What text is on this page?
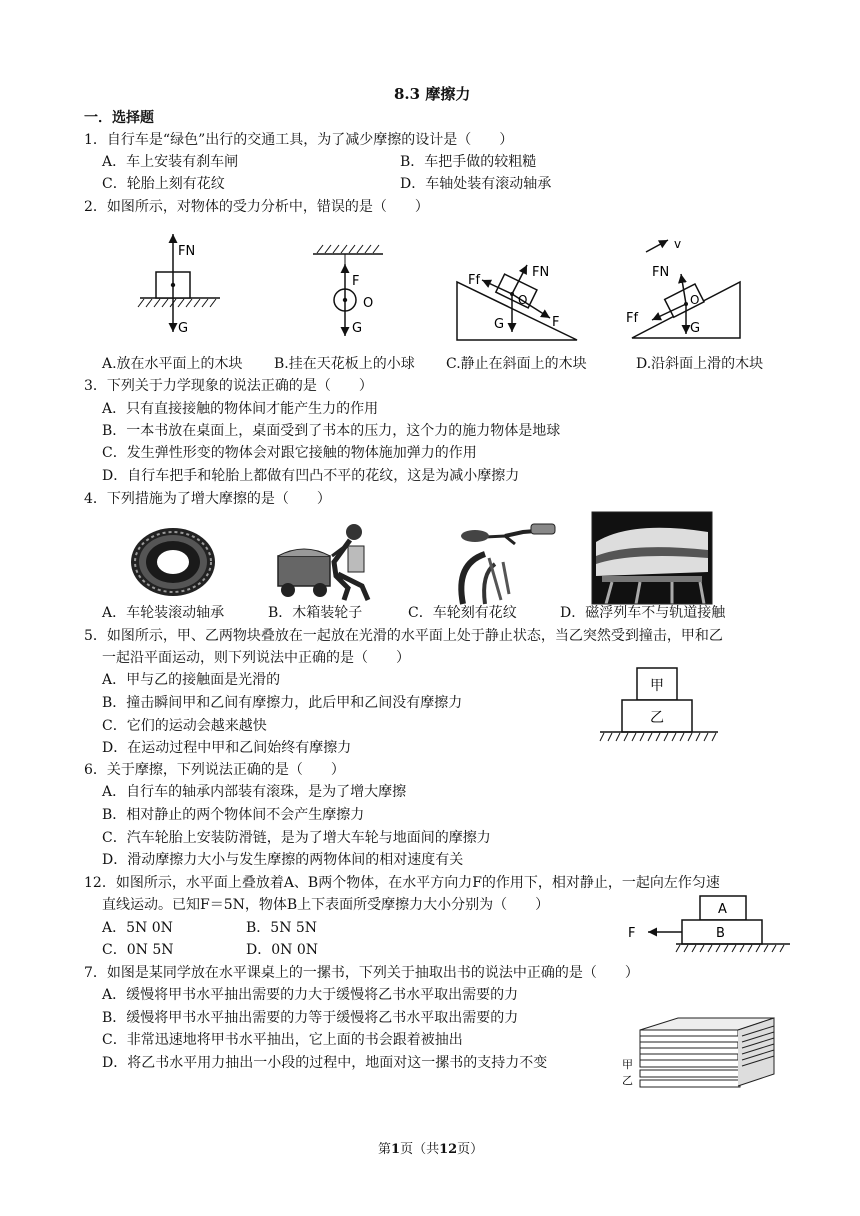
8.3 摩擦力
一．选择题
1．自行车是“绿色”出行的交通工具，为了减少摩擦的设计是（　　）
A．车上安装有刹车闸	B．车把手做的较粗糙
C．轮胎上刻有花纹	D．车轴处装有滚动轴承
2．如图所示，对物体的受力分析中，错误的是（　　）
FN
G
F
O
G
Ff
FN
O
G	F
v
FN
O
Ff
G
A.放在水平面上的木块 B.挂在天花板上的小球 C.静止在斜面上的木块	D.沿斜面上滑的木块
3．下列关于力学现象的说法正确的是（　　）
A．只有直接接触的物体间才能产生力的作用
B．一本书放在桌面上，桌面受到了书本的压力，这个力的施力物体是地球
C．发生弹性形变的物体会对跟它接触的物体施加弹力的作用
D．自行车把手和轮胎上都做有凹凸不平的花纹，这是为减小摩擦力
4．下列措施为了增大摩擦的是（　　）
A．车轮装滚动轴承	B．木箱装轮子	C．车轮刻有花纹	D．磁浮列车不与轨道接触
5．如图所示，甲、乙两物块叠放在一起放在光滑的水平面上处于静止状态，当乙突然受到撞击，甲和乙
一起沿平面运动，则下列说法中正确的是（　　）
A．甲与乙的接触面是光滑的
B．撞击瞬间甲和乙间有摩擦力，此后甲和乙间没有摩擦力
C．它们的运动会越来越快
D．在运动过程中甲和乙间始终有摩擦力
甲
乙
6．关于摩擦，下列说法正确的是（　　）
A．自行车的轴承内部装有滚珠，是为了增大摩擦
B．相对静止的两个物体间不会产生摩擦力
C．汽车轮胎上安装防滑链，是为了增大车轮与地面间的摩擦力
D．滑动摩擦力大小与发生摩擦的两物体间的相对速度有关
12．如图所示，水平面上叠放着A、B两个物体，在水平方向力F的作用下，相对静止，一起向左作匀速
直线运动。已知F＝5N，物体B上下表面所受摩擦力大小分别为（　　）
A．5N 0N	B．5N 5N
C．0N 5N	D．0N 0N
A
B
F
7．如图是某同学放在水平课桌上的一摞书，下列关于抽取出书的说法中正确的是（　　）
A．缓慢将甲书水平抽出需要的力大于缓慢将乙书水平取出需要的力
B．缓慢将甲书水平抽出需要的力等于缓慢将乙书水平取出需要的力
C．非常迅速地将甲书水平抽出，它上面的书会跟着被抽出
D．将乙书水平用力抽出一小段的过程中，地面对这一摞书的支持力不变	甲
乙
第1页（共12页）
